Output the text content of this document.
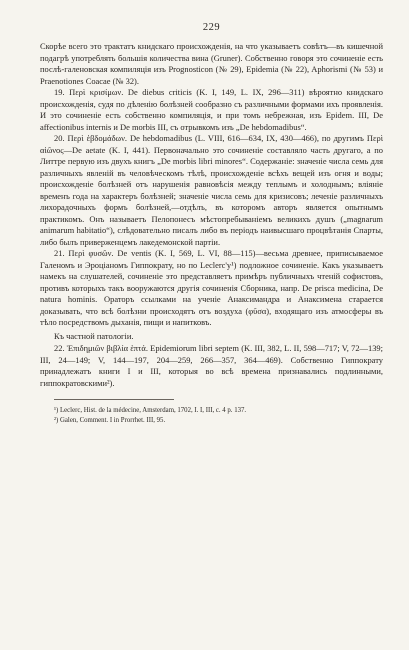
229

Скорѣе всего это трактатъ книдскаго происхожденія, на что указываетъ совѣтъ—въ кишечной подагрѣ употреблять большія количества вина (Gruner). Собственно говоря это сочиненіе есть послѣ-галеновская компиляція изъ Prognosticon (№ 29), Epidemia (№ 22), Aphorismi (№ 53) и Praenotiones Coacae (№ 32).

19. Περὶ κρισίμων. De diebus criticis (K. I, 149, L. IX, 296—311) вѣроятно книдскаго происхожденія, судя по дѣленію болѣзней сообразно съ различными формами ихъ проявленія. И это сочиненіе есть собственно компиляція, и при томъ небрежная, изъ Epidem. III, De affectionibus internis и De morbis III, съ отрывкомъ изъ „De hebdomadibus“.

20. Περὶ ἑβδομάδων. De hebdomadibus (L. VIII, 616—634, IX, 430—466), по другимъ Περὶ αἰῶνος—De aetate (K. I, 441). Первоначально это сочиненіе составляло часть другаго, а по Литтре первую изъ двухъ книгъ „De morbis libri minores“. Содержаніе: значеніе числа семь для различныхъ явленій въ человѣческомъ тѣлѣ, происхожденіе всѣхъ вещей изъ огня и воды; происхожденіе болѣзней отъ нарушенія равновѣсія между теплымъ и холоднымъ; вліяніе временъ года на характеръ болѣзней; значеніе числа семь для кризисовъ; леченіе различныхъ лихорадочныхъ формъ болѣзней,—отдѣлъ, въ которомъ авторъ является опытнымъ практикомъ. Онъ называетъ Пелопонесъ мѣстопребываніемъ великихъ душъ („magnarum animarum habitatio“), слѣдовательно писалъ либо въ періодъ наивысшаго процвѣтанія Спарты, либо былъ приверженцемъ лакедемонской партіи.

21. Περὶ φυσῶν. De ventis (K. I, 569, L. VI, 88—115)—весьма древнее, приписываемое Галеномъ и Эроціаномъ Гиппократу, но по Leclerc'у¹) подложное сочиненіе. Какъ указываетъ намекъ на слушателей, сочиненіе это представляетъ примѣръ публичныхъ чтеній софистовъ, противъ которыхъ такъ вооружаются другія сочиненія Сборника, напр. De prisca medicina, De natura hominis. Ораторъ ссылками на ученіе Анаксимандра и Анаксимена старается доказывать, что всѣ болѣзни происходятъ отъ воздуха (φῦσα), входящаго изъ атмосферы въ тѣло посредствомъ дыханія, пищи и напитковъ.

Къ частной патологіи.

22. Ἐπιδημιῶν βιβλία ἑπτά. Epidemiorum libri septem (K. III, 382, L. II, 598—717; V, 72—139; III, 24—149; V, 144—197, 204—259, 266—357, 364—469). Собственно Гиппократу принадлежатъ книги I и III, которыя во всѣ времена признавались подлинными, гиппократовскими²).

¹) Leclerc, Hist. de la médecine, Amsterdam, 1702, I. I, III, c. 4 p. 137.

²) Galen, Comment. I in Prorrhet. III, 95.
